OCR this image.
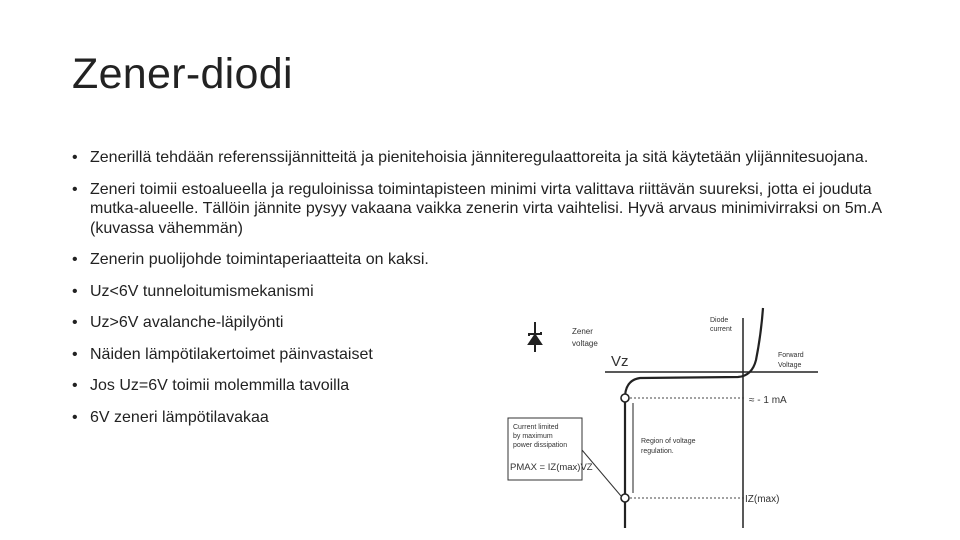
Zener-diodi
• Zenerillä tehdään referenssijännitteitä ja pienitehoisia jänniteregulaattoreita ja sitä käytetään ylijännitesuojana.
• Zeneri toimii estoalueella ja reguloinissa toimintapisteen minimi virta valittava riittävän suureksi, jotta ei jouduta mutka-alueelle. Tällöin jännite pysyy vakaana vaikka zenerin virta vaihtelisi. Hyvä arvaus minimivirraksi on 5m.A (kuvassa vähemmän)
• Zenerin puolijohde toimintaperiaatteita on kaksi.
• Uz<6V tunneloitumismekanismi
• Uz>6V avalanche-läpilyönti
• Näiden lämpötilakertoimet päinvastaiset
• Jos Uz=6V toimii molemmilla tavoilla
• 6V zeneri lämpötilavakaa
Diode
current
Zener
voltage
Vz	Forward
Voltage
≈ - 1 mA
Region of voltage
regulation.
Current limited
by maximum
power dissipation
PMAX = IZ(max)VZ
IZ(max)
